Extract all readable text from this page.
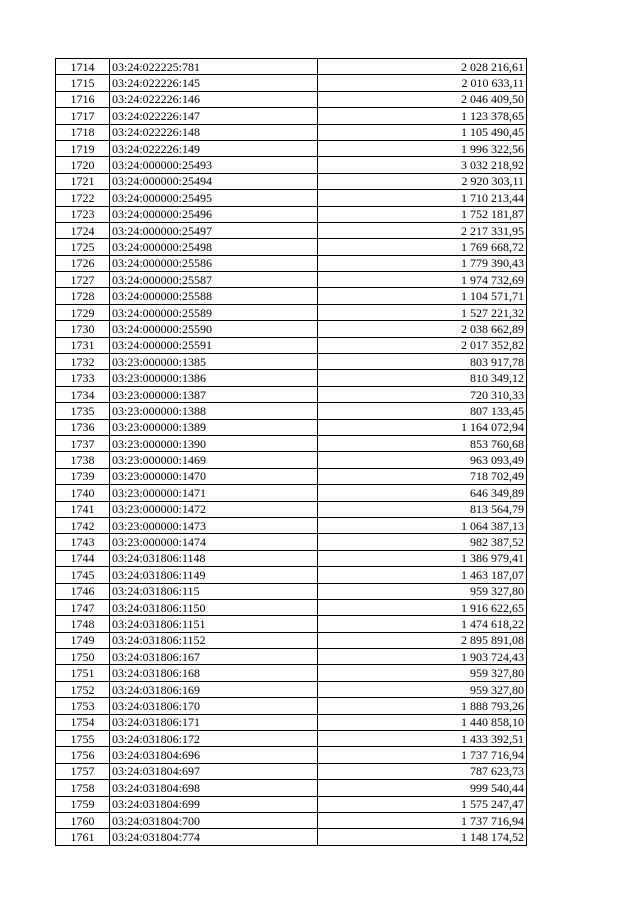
1714	03:24:022225:781	2 028 216,61
1715	03:24:022226:145	2 010 633,11
1716	03:24:022226:146	2 046 409,50
1717	03:24:022226:147	1 123 378,65
1718	03:24:022226:148	1 105 490,45
1719	03:24:022226:149	1 996 322,56
1720	03:24:000000:25493	3 032 218,92
1721	03:24:000000:25494	2 920 303,11
1722	03:24:000000:25495	1 710 213,44
1723	03:24:000000:25496	1 752 181,87
1724	03:24:000000:25497	2 217 331,95
1725	03:24:000000:25498	1 769 668,72
1726	03:24:000000:25586	1 779 390,43
1727	03:24:000000:25587	1 974 732,69
1728	03:24:000000:25588	1 104 571,71
1729	03:24:000000:25589	1 527 221,32
1730	03:24:000000:25590	2 038 662,89
1731	03:24:000000:25591	2 017 352,82
1732	03:23:000000:1385	803 917,78
1733	03:23:000000:1386	810 349,12
1734	03:23:000000:1387	720 310,33
1735	03:23:000000:1388	807 133,45
1736	03:23:000000:1389	1 164 072,94
1737	03:23:000000:1390	853 760,68
1738	03:23:000000:1469	963 093,49
1739	03:23:000000:1470	718 702,49
1740	03:23:000000:1471	646 349,89
1741	03:23:000000:1472	813 564,79
1742	03:23:000000:1473	1 064 387,13
1743	03:23:000000:1474	982 387,52
1744	03:24:031806:1148	1 386 979,41
1745	03:24:031806:1149	1 463 187,07
1746	03:24:031806:115	959 327,80
1747	03:24:031806:1150	1 916 622,65
1748	03:24:031806:1151	1 474 618,22
1749	03:24:031806:1152	2 895 891,08
1750	03:24:031806:167	1 903 724,43
1751	03:24:031806:168	959 327,80
1752	03:24:031806:169	959 327,80
1753	03:24:031806:170	1 888 793,26
1754	03:24:031806:171	1 440 858,10
1755	03:24:031806:172	1 433 392,51
1756	03:24:031804:696	1 737 716,94
1757	03:24:031804:697	787 623,73
1758	03:24:031804:698	999 540,44
1759	03:24:031804:699	1 575 247,47
1760	03:24:031804:700	1 737 716,94
1761	03:24:031804:774	1 148 174,52
